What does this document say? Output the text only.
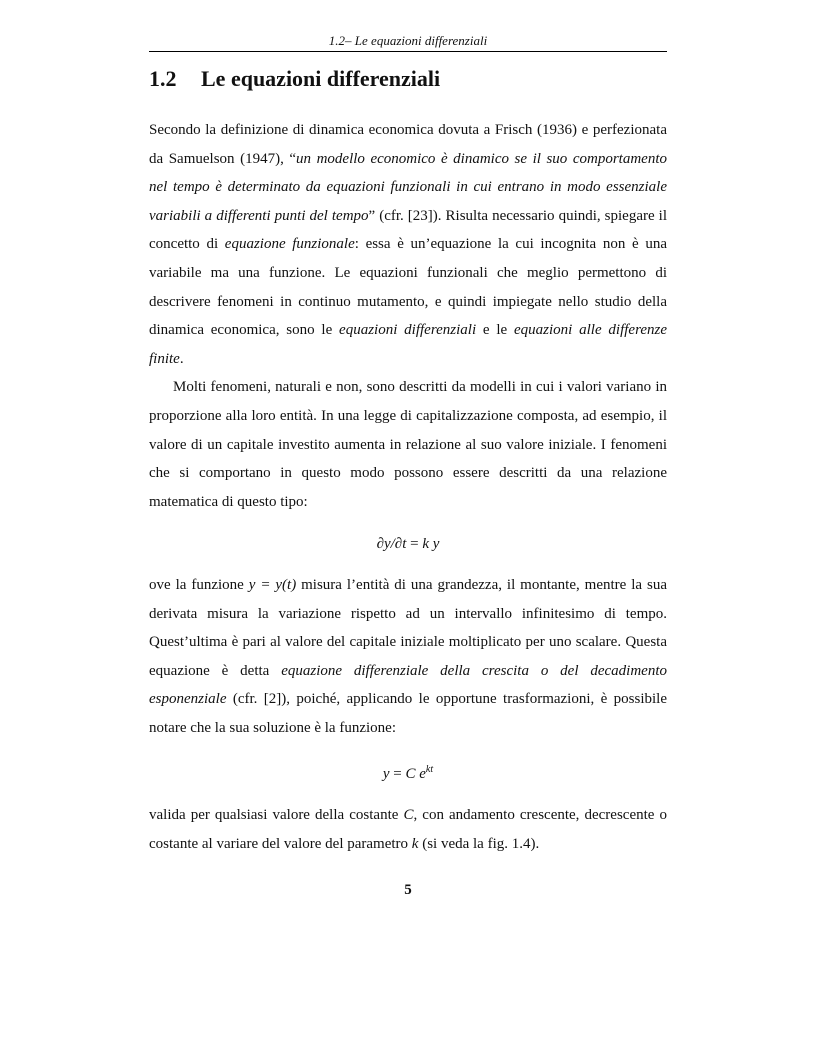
1.2– Le equazioni differenziali
1.2 Le equazioni differenziali

Secondo la definizione di dinamica economica dovuta a Frisch (1936) e perfezionata da Samuelson (1947), “un modello economico è dinamico se il suo comportamento nel tempo è determinato da equazioni funzionali in cui entrano in modo essenziale variabili a differenti punti del tempo” (cfr. [23]). Risulta necessario quindi, spiegare il concetto di equazione funzionale: essa è un’equazione la cui incognita non è una variabile ma una funzione. Le equazioni funzionali che meglio permettono di descrivere fenomeni in continuo mutamento, e quindi impiegate nello studio della dinamica economica, sono le equazioni differenziali e le equazioni alle differenze finite.

Molti fenomeni, naturali e non, sono descritti da modelli in cui i valori variano in proporzione alla loro entità. In una legge di capitalizzazione composta, ad esempio, il valore di un capitale investito aumenta in relazione al suo valore iniziale. I fenomeni che si comportano in questo modo possono essere descritti da una relazione matematica di questo tipo:

∂y/∂t = k y

ove la funzione y = y(t) misura l’entità di una grandezza, il montante, mentre la sua derivata misura la variazione rispetto ad un intervallo infinitesimo di tempo. Quest’ultima è pari al valore del capitale iniziale moltiplicato per uno scalare. Questa equazione è detta equazione differenziale della crescita o del decadimento esponenziale (cfr. [2]), poiché, applicando le opportune trasformazioni, è possibile notare che la sua soluzione è la funzione:

y = C $e^{kt}$

valida per qualsiasi valore della costante C, con andamento crescente, decrescente o costante al variare del valore del parametro k (si veda la fig. 1.4).

5
